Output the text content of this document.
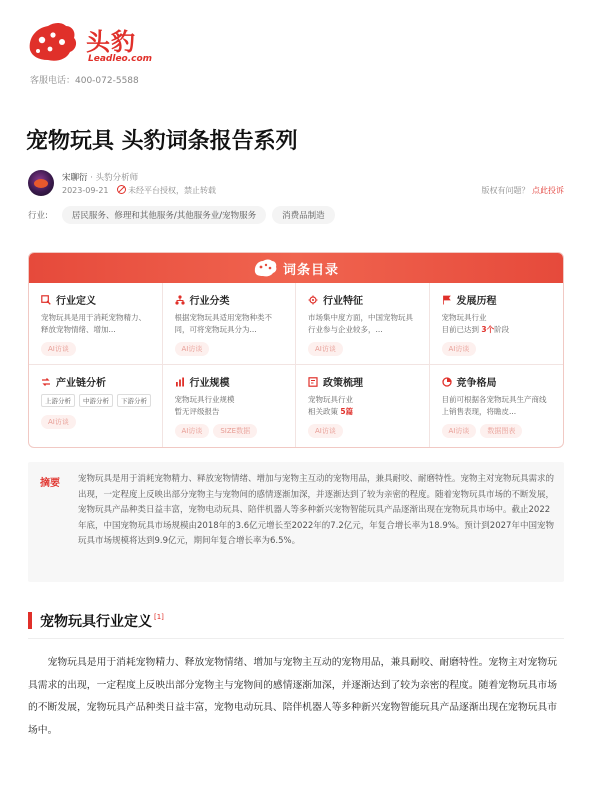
头豹
Leadleo.com
客服电话：400-072-5588
宠物玩具 头豹词条报告系列
宋聊衍 · 头豹分析师
2023-09-21	未经平台授权，禁止转载	版权有问题？ 点此投诉
行业:	居民服务、修理和其他服务/其他服务业/宠物服务	消费品制造
词条目录
行业定义
宠物玩具是用于消耗宠物精力、释放宠物情绪、增加...
AI访谈
行业分类
根据宠物玩具适用宠物种类不同，可将宠物玩具分为...
AI访谈
行业特征
市场集中度方面，中国宠物玩具行业参与企业较多，...
AI访谈
发展历程
宠物玩具行业
目前已达到 3个阶段
AI访谈
产业链分析
上游分析	中游分析	下游分析
AI访谈
行业规模
宠物玩具行业规模
暂无评级报告
AI访谈	SIZE数据
政策梳理
宠物玩具行业
相关政策 5篇
AI访谈
竞争格局
目前可根据各宠物玩具生产商线上销售表现，将瞻皮...
AI访谈	数据图表
摘要 宠物玩具是用于消耗宠物精力、释放宠物情绪、增加与宠物主互动的宠物用品，兼具耐咬、耐磨特性。宠物主对宠物玩具需求的出现，一定程度上反映出部分宠物主与宠物间的感情逐渐加深，并逐渐达到了较为亲密的程度。随着宠物玩具市场的不断发展，宠物玩具产品种类日益丰富，宠物电动玩具、陪伴机器人等多种新兴宠物智能玩具产品逐渐出现在宠物玩具市场中。截止2022年底，中国宠物玩具市场规模由2018年的3.6亿元增长至2022年的7.2亿元，年复合增长率为18.9%。预计到2027年中国宠物玩具市场规模将达到9.9亿元，期间年复合增长率为6.5%。
宠物玩具行业定义 [1]

宠物玩具是用于消耗宠物精力、释放宠物情绪、增加与宠物主互动的宠物用品，兼具耐咬、耐磨特性。宠物主对宠物玩具需求的出现，一定程度上反映出部分宠物主与宠物间的感情逐渐加深，并逐渐达到了较为亲密的程度。随着宠物玩具市场的不断发展，宠物玩具产品种类日益丰富，宠物电动玩具、陪伴机器人等多种新兴宠物智能玩具产品逐渐出现在宠物玩具市场中。
